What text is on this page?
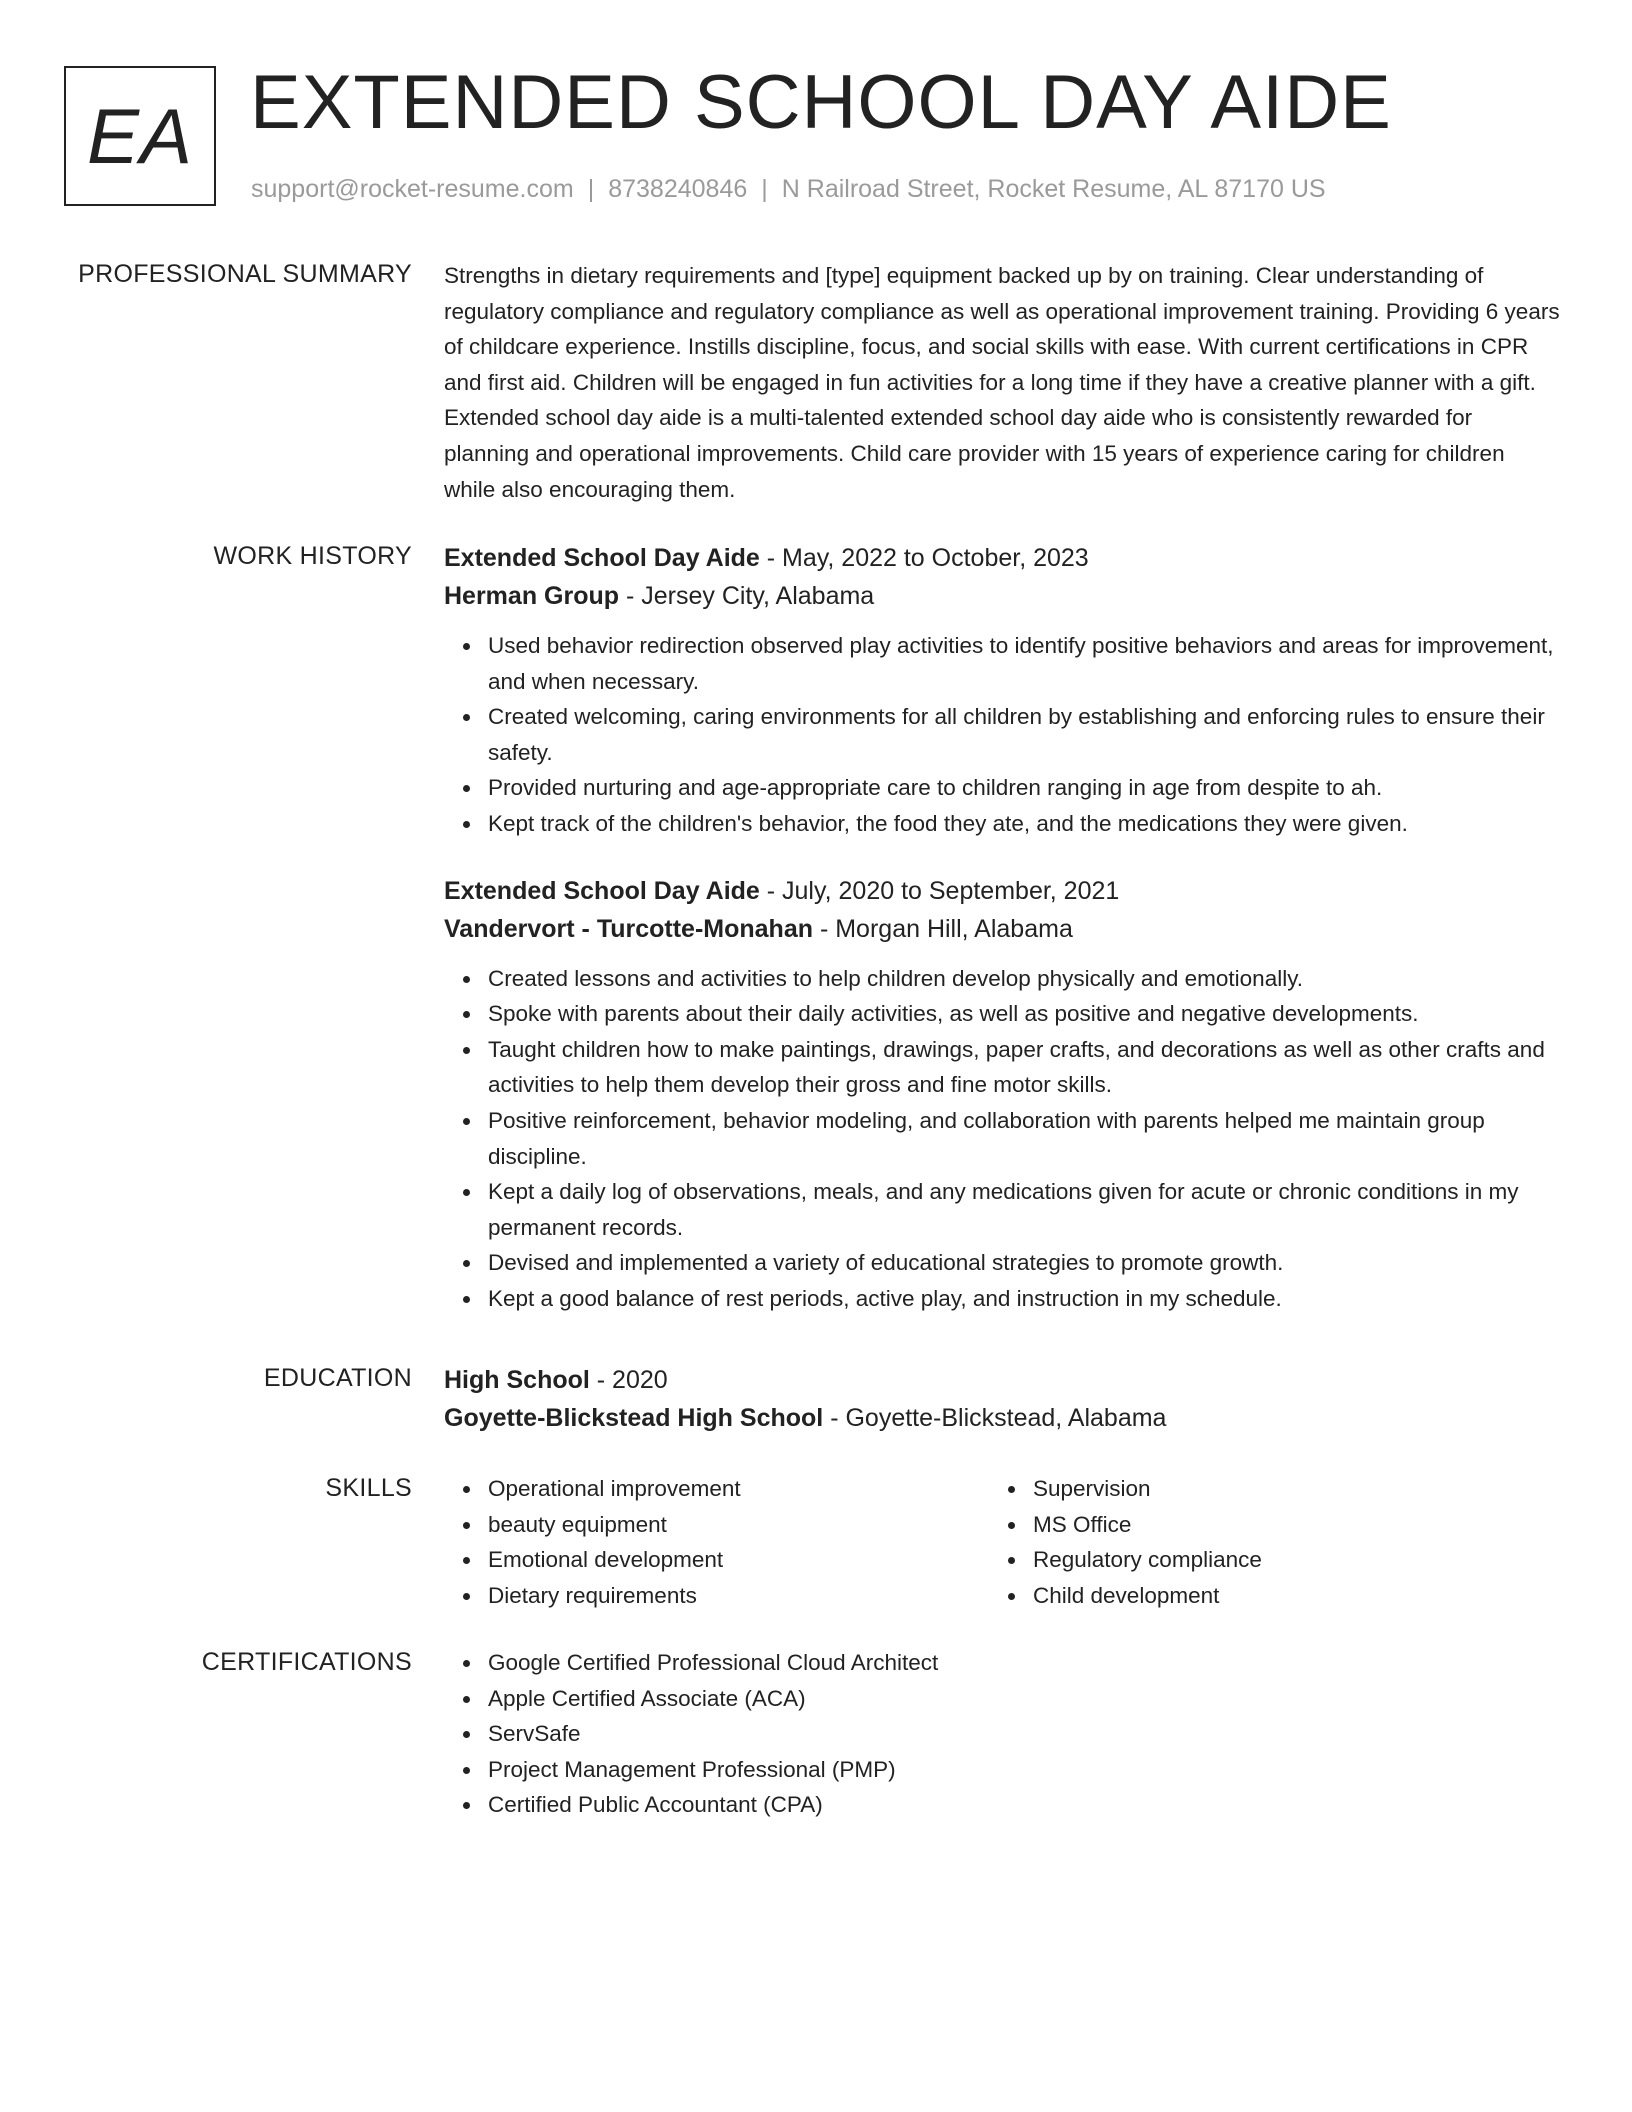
EA EXTENDED SCHOOL DAY AIDE
support@rocket-resume.com | 8738240846 | N Railroad Street, Rocket Resume, AL 87170 US
PROFESSIONAL SUMMARY Strengths in dietary requirements and [type] equipment backed up by on training. Clear understanding of regulatory compliance and regulatory compliance as well as operational improvement training. Providing 6 years of childcare experience. Instills discipline, focus, and social skills with ease. With current certifications in CPR and first aid. Children will be engaged in fun activities for a long time if they have a creative planner with a gift. Extended school day aide is a multi-talented extended school day aide who is consistently rewarded for planning and operational improvements. Child care provider with 15 years of experience caring for children while also encouraging them.

WORK HISTORY Extended School Day Aide - May, 2022 to October, 2023
Herman Group - Jersey City, Alabama
Used behavior redirection observed play activities to identify positive behaviors and areas for improvement, and when necessary.
Created welcoming, caring environments for all children by establishing and enforcing rules to ensure their safety.
Provided nurturing and age-appropriate care to children ranging in age from despite to ah.
Kept track of the children's behavior, the food they ate, and the medications they were given.
Extended School Day Aide - July, 2020 to September, 2021
Vandervort - Turcotte-Monahan - Morgan Hill, Alabama
Created lessons and activities to help children develop physically and emotionally.
Spoke with parents about their daily activities, as well as positive and negative developments.
Taught children how to make paintings, drawings, paper crafts, and decorations as well as other crafts and activities to help them develop their gross and fine motor skills.
Positive reinforcement, behavior modeling, and collaboration with parents helped me maintain group discipline.
Kept a daily log of observations, meals, and any medications given for acute or chronic conditions in my permanent records.
Devised and implemented a variety of educational strategies to promote growth.
Kept a good balance of rest periods, active play, and instruction in my schedule.
EDUCATION High School - 2020
Goyette-Blickstead High School - Goyette-Blickstead, Alabama
SKILLS	Operational improvement
beauty equipment
Emotional development
Dietary requirements
Supervision
MS Office
Regulatory compliance
Child development
CERTIFICATIONS	Google Certified Professional Cloud Architect
Apple Certified Associate (ACA)
ServSafe
Project Management Professional (PMP)
Certified Public Accountant (CPA)
